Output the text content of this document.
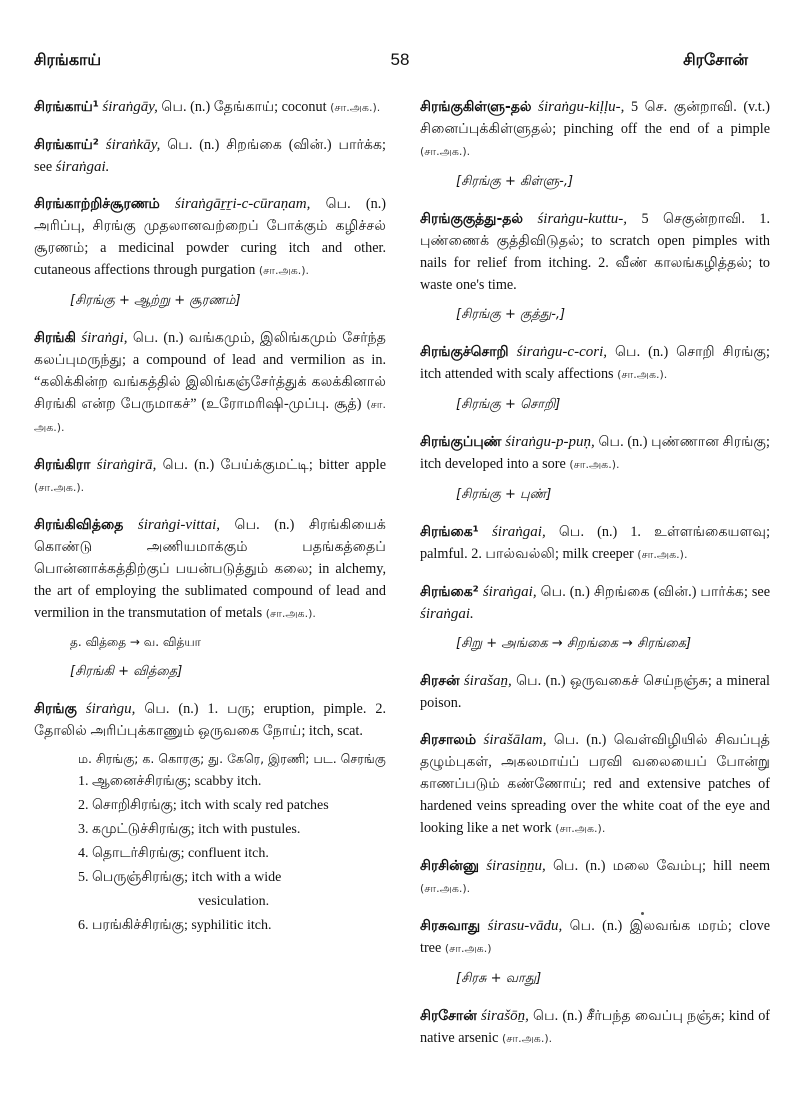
சிரங்காய்	58	சிரசோன்
சிரங்காய்¹ śiraṅgāy, பெ. (n.) தேங்காய்; coconut (சா.அக.).
சிரங்காய்² śiraṅkāy, பெ. (n.) சிறங்கை (வின்.) பார்க்க; see śiraṅgai.
சிரங்காற்றிச்சூரணம் śiraṅgāṟṟi-c-cūraṇam, பெ. (n.) அரிப்பு, சிரங்கு முதலானவற்றைப் போக்கும் கழிச்சல் சூரணம்; a medicinal powder curing itch and other. cutaneous affections through purgation (சா.அக.).
[சிரங்கு + ஆற்று + சூரணம்]
சிரங்கி śiraṅgi, பெ. (n.) வங்கமும், இலிங்கமும் சேர்ந்த கலப்புமருந்து; a compound of lead and vermilion as in. “கலிக்கின்ற வங்கத்தில் இலிங்கஞ்சேர்த்துக் கலக்கினால் சிரங்கி என்ற பேருமாகச்” (உரோமரிஷி-முப்பு. சூத்) (சா. அக.).
சிரங்கிரா śiraṅgirā, பெ. (n.) பேய்க்குமட்டி; bitter apple (சா.அக.).
சிரங்கிவித்தை śiraṅgi-vittai, பெ. (n.) சிரங்கியைக் கொண்டு அணியமாக்கும் பதங்கத்தைப் பொன்னாக்கத்திற்குப் பயன்படுத்தும் கலை; in alchemy, the art of employing the sublimated compound of lead and vermilion in the transmutation of metals (சா.அக.).
த. வித்தை → வ. வித்யா
[சிரங்கி + வித்தை]
சிரங்கு śiraṅgu, பெ. (n.) 1. பரு; eruption, pimple. 2. தோலில் அரிப்புக்காணும் ஒருவகை நோய்; itch, scat.
ம. சிரங்கு; க. கொரகு; து. கேரெ, இரணி; பட. செரங்கு
1. ஆனைச்சிரங்கு; scabby itch.
2. சொறிசிரங்கு; itch with scaly red patches
3. கமுட்டுச்சிரங்கு; itch with pustules.
4. தொடர்சிரங்கு; confluent itch.
5. பெருஞ்சிரங்கு; itch with a wide
vesiculation.
6. பரங்கிச்சிரங்கு; syphilitic itch.
சிரங்குகிள்ளு-தல் śiraṅgu-kiḷḷu-, 5 செ. குன்றாவி. (v.t.) சினைப்புக்கிள்ளுதல்; pinching off the end of a pimple (சா.அக.).
[சிரங்கு + கிள்ளு-,]
சிரங்குகுத்து-தல் śiraṅgu-kuttu-, 5 செகுன்றாவி. 1. புண்ணைக் குத்திவிடுதல்; to scratch open pimples with nails for relief from itching. 2. வீண் காலங்கழித்தல்; to waste one's time.
[சிரங்கு + குத்து-,]
சிரங்குச்சொறி śiraṅgu-c-cori, பெ. (n.) சொறி சிரங்கு; itch attended with scaly affections (சா.அக.).
[சிரங்கு + சொறி]
சிரங்குப்புண் śiraṅgu-p-puṇ, பெ. (n.) புண்ணான சிரங்கு; itch developed into a sore (சா.அக.).
[சிரங்கு + புண்]
சிரங்கை¹ śiraṅgai, பெ. (n.) 1. உள்ளங்கையளவு; palmful. 2. பால்வல்லி; milk creeper (சா.அக.).
சிரங்கை² śiraṅgai, பெ. (n.) சிறங்கை (வின்.) பார்க்க; see śiraṅgai.
[சிறு + அங்கை → சிறங்கை → சிரங்கை]
சிரசன் śirašaṉ, பெ. (n.) ஒருவகைச் செய்நஞ்சு; a mineral poison.
சிரசாலம் śirašālam, பெ. (n.) வெள்விழியில் சிவப்புத் தழும்புகள், அகலமாய்ப் பரவி வலையைப் போன்று காணப்படும் கண்ணோய்; red and extensive patches of hardened veins spreading over the white coat of the eye and looking like a net work (சா.அக.).
சிரசின்னு śirasiṉṉu, பெ. (n.) மலை வேம்பு; hill neem (சா.அக.).
சிரசுவாது śirasu-vādu, பெ. (n.) இலவங்க மரம்; clove tree (சா.அக.)
[சிரசு + வாது]
சிரசோன் śirašōṉ, பெ. (n.) சீர்பந்த வைப்பு நஞ்சு; kind of native arsenic (சா.அக.).
